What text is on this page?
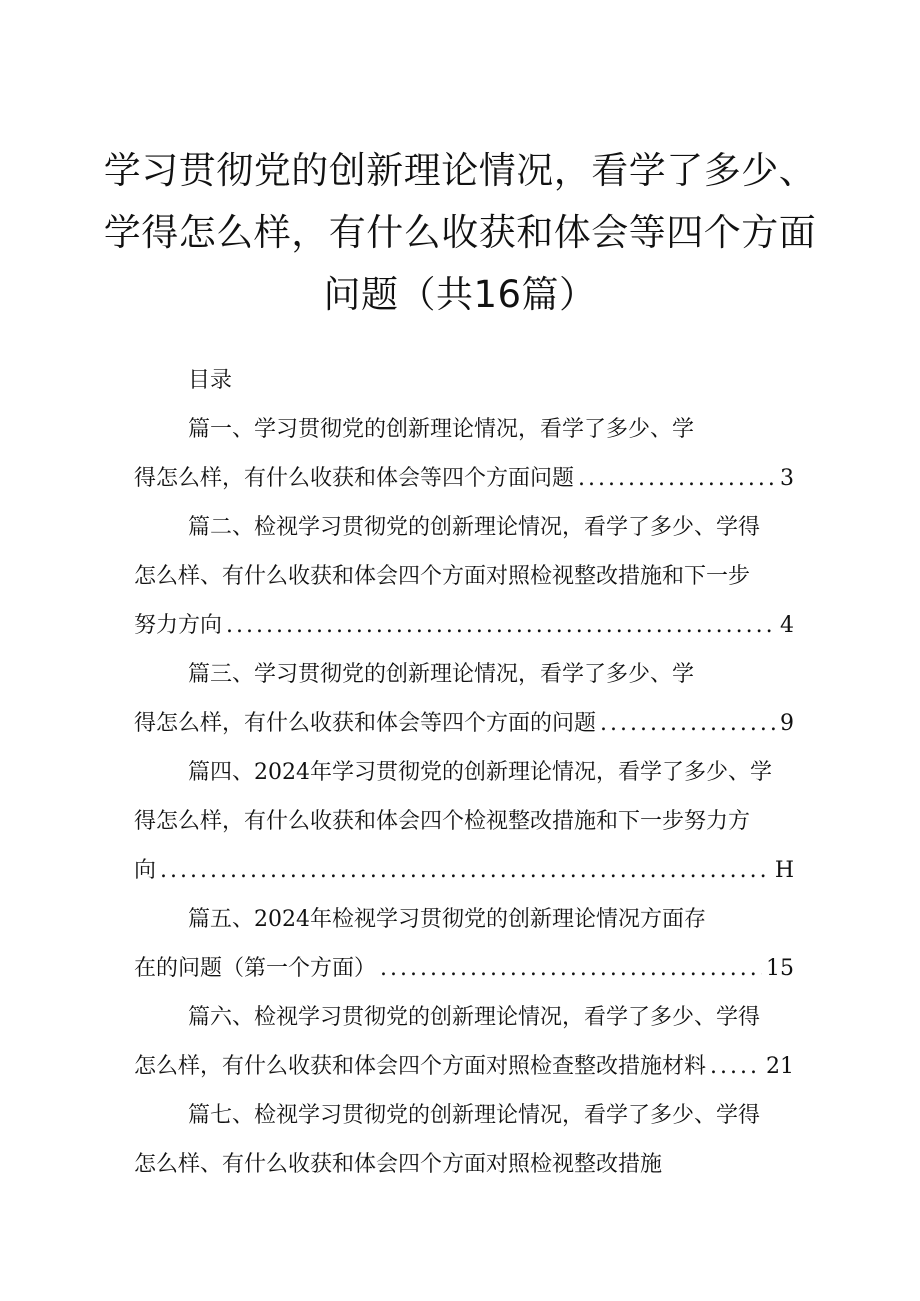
学习贯彻党的创新理论情况，看学了多少、
学得怎么样，有什么收获和体会等四个方面
问题（共16篇）
目录
篇一、学习贯彻党的创新理论情况，看学了多少、学
得怎么样，有什么收获和体会等四个方面问题 .....	3
篇二、检视学习贯彻党的创新理论情况，看学了多少、学得
怎么样、有什么收获和体会四个方面对照检视整改措施和下一步
努力方向 .....	4
篇三、学习贯彻党的创新理论情况，看学了多少、学
得怎么样，有什么收获和体会等四个方面的问题 .....	9
篇四、2024年学习贯彻党的创新理论情况，看学了多少、学
得怎么样，有什么收获和体会四个检视整改措施和下一步努力方
向 .....	H
篇五、2024年检视学习贯彻党的创新理论情况方面存
在的问题（第一个方面） .....	15
篇六、检视学习贯彻党的创新理论情况，看学了多少、学得
怎么样，有什么收获和体会四个方面对照检查整改措施材料 .....	21
篇七、检视学习贯彻党的创新理论情况，看学了多少、学得
怎么样、有什么收获和体会四个方面对照检视整改措施
